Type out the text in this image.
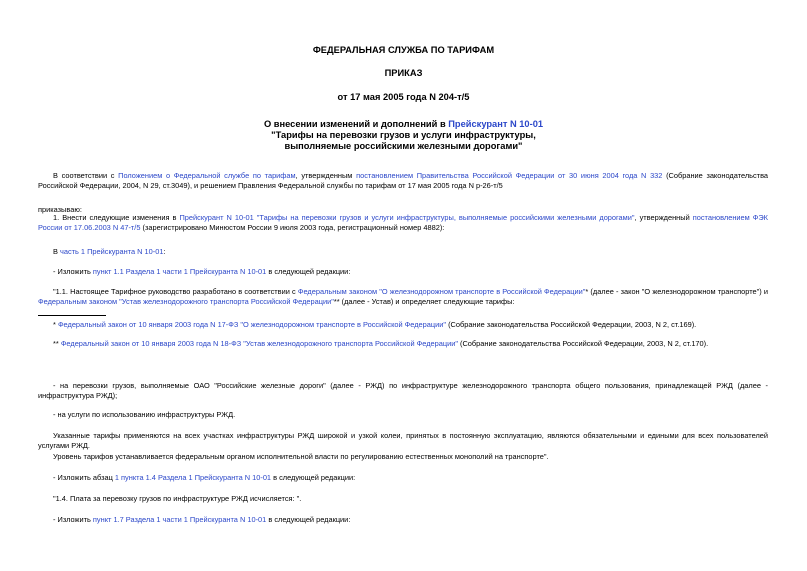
ФЕДЕРАЛЬНАЯ СЛУЖБА ПО ТАРИФАМ
ПРИКАЗ
от 17 мая 2005 года N 204-т/5
О внесении изменений и дополнений в Прейскурант N 10-01
"Тарифы на перевозки грузов и услуги инфраструктуры,
выполняемые российскими железными дорогами"
В соответствии с Положением о Федеральной службе по тарифам, утвержденным постановлением Правительства Российской Федерации от 30 июня 2004 года N 332 (Собрание законодательства Российской Федерации, 2004, N 29, ст.3049), и решением Правления Федеральной службы по тарифам от 17 мая 2005 года N р-26-т/5
приказываю:
1. Внести следующие изменения в Прейскурант N 10-01 "Тарифы на перевозки грузов и услуги инфраструктуры, выполняемые российскими железными дорогами", утвержденный постановлением ФЭК России от 17.06.2003 N 47-т/5 (зарегистрировано Минюстом России 9 июля 2003 года, регистрационный номер 4882):
В часть 1 Прейскуранта N 10-01:
- Изложить пункт 1.1 Раздела 1 части 1 Прейскуранта N 10-01 в следующей редакции:
"1.1. Настоящее Тарифное руководство разработано в соответствии с Федеральным законом "О железнодорожном транспорте в Российской Федерации"* (далее - закон "О железнодорожном транспорте") и Федеральным законом "Устав железнодорожного транспорта Российской Федерации"** (далее - Устав) и определяет следующие тарифы:
* Федеральный закон от 10 января 2003 года N 17-ФЗ "О железнодорожном транспорте в Российской Федерации" (Собрание законодательства Российской Федерации, 2003, N 2, ст.169).
** Федеральный закон от 10 января 2003 года N 18-ФЗ "Устав железнодорожного транспорта Российской Федерации" (Собрание законодательства Российской Федерации, 2003, N 2, ст.170).
- на перевозки грузов, выполняемые ОАО "Российские железные дороги" (далее - РЖД) по инфраструктуре железнодорожного транспорта общего пользования, принадлежащей РЖД (далее - инфраструктура РЖД);
- на услуги по использованию инфраструктуры РЖД.
Указанные тарифы применяются на всех участках инфраструктуры РЖД широкой и узкой колеи, принятых в постоянную эксплуатацию, являются обязательными и едиными для всех пользователей услугами РЖД.
Уровень тарифов устанавливается федеральным органом исполнительной власти по регулированию естественных монополий на транспорте".
- Изложить абзац 1 пункта 1.4 Раздела 1 Прейскуранта N 10-01 в следующей редакции:
"1.4. Плата за перевозку грузов по инфраструктуре РЖД исчисляется: ".
- Изложить пункт 1.7 Раздела 1 части 1 Прейскуранта N 10-01 в следующей редакции:
